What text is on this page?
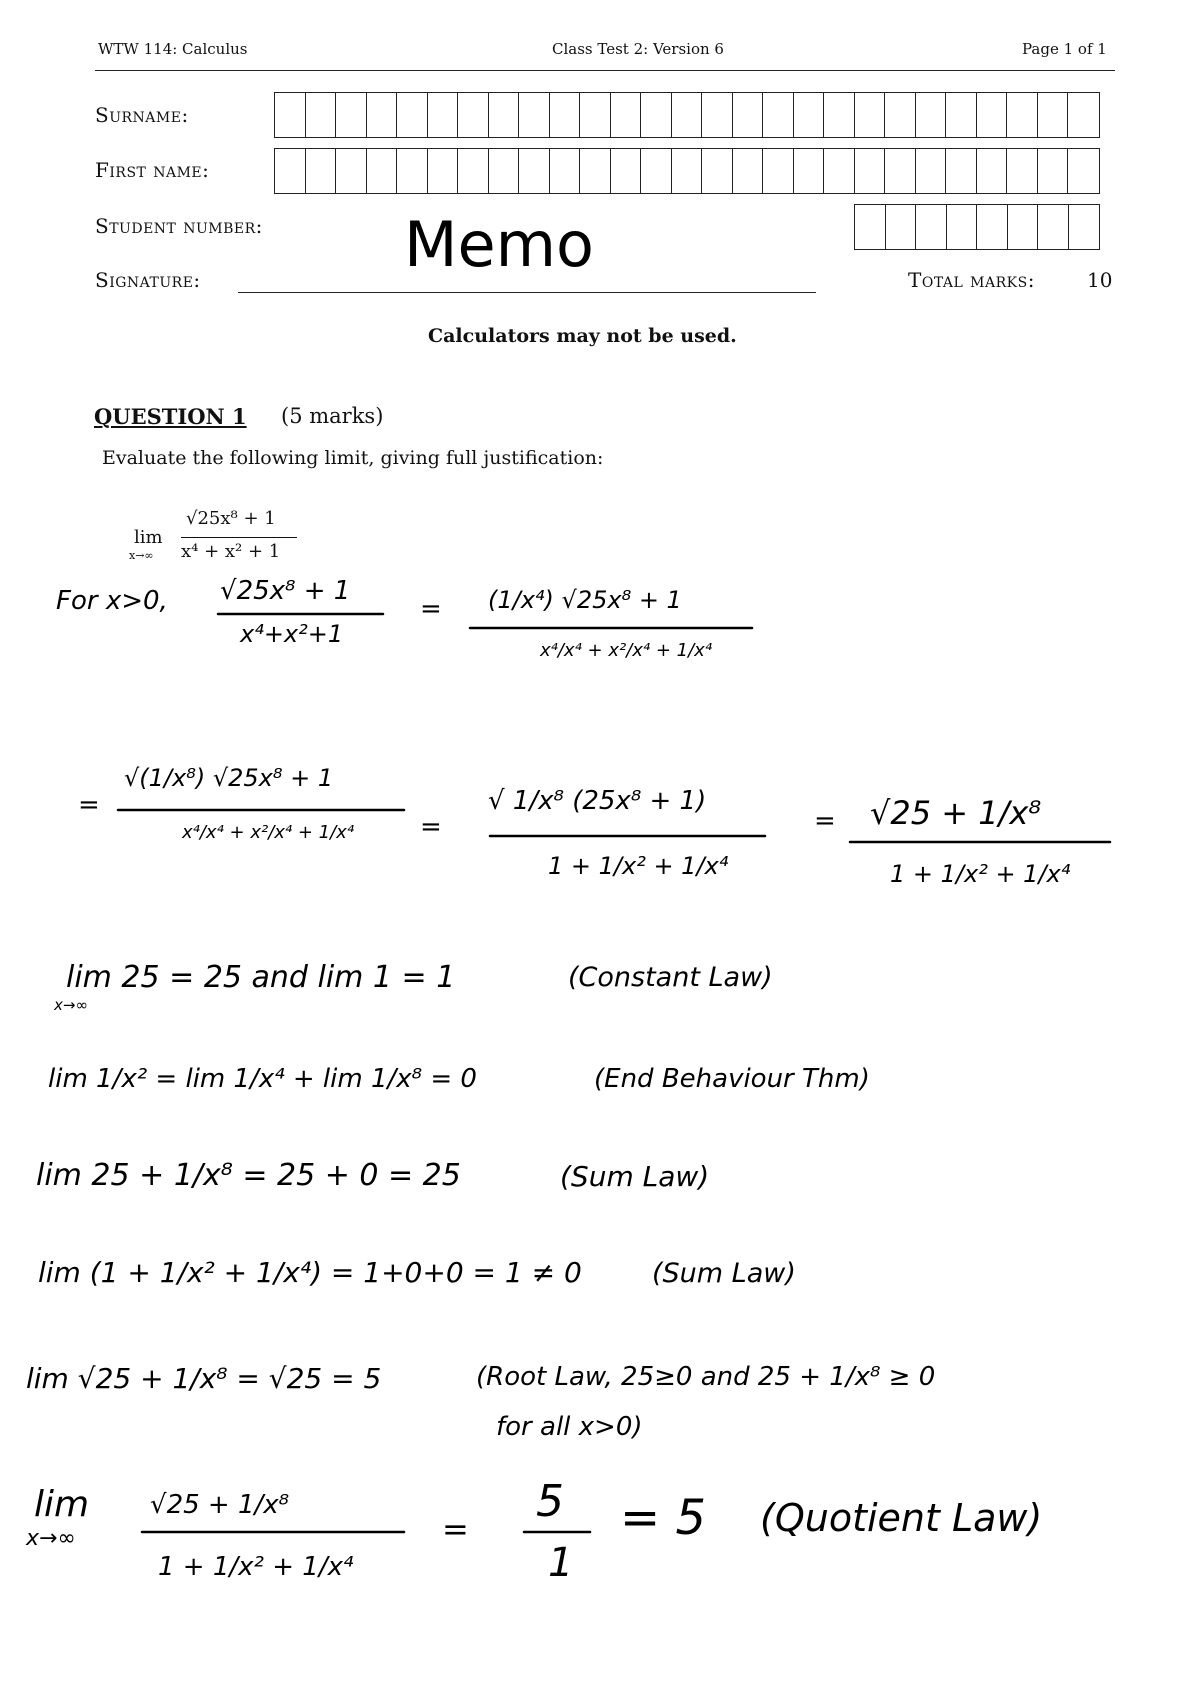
WTW 114: Calculus	Class Test 2: Version 6	Page 1 of 1
Surname:
First name:
Student number:
Signature:	Memo	Total marks:	10
Calculators may not be used.
QUESTION 1 (5 marks)
Evaluate the following limit, giving full justification:
lim
x→∞
√25x⁸ + 1
x⁴ + x² + 1
For x>0, √25x⁸ + 1
x⁴+x²+1
= (1/x⁴) √25x⁸ + 1
x⁴/x⁴ + x²/x⁴ + 1/x⁴
=
√(1/x⁸) √25x⁸ + 1
x⁴/x⁴ + x²/x⁴ + 1/x⁴	=
√ 1/x⁸ (25x⁸ + 1)
1 + 1/x² + 1/x⁴
= √25 + 1/x⁸
1 + 1/x² + 1/x⁴
lim 25 = 25 and lim 1 = 1
x→∞
(Constant Law)
lim 1/x² = lim 1/x⁴ + lim 1/x⁸ = 0	(End Behaviour Thm)
lim 25 + 1/x⁸ = 25 + 0 = 25	(Sum Law)
lim (1 + 1/x² + 1/x⁴) = 1+0+0 = 1 ≠ 0	(Sum Law)
lim √25 + 1/x⁸ = √25 = 5	(Root Law, 25≥0 and 25 + 1/x⁸ ≥ 0
for all x>0)
lim
x→∞
√25 + 1/x⁸
1 + 1/x² + 1/x⁴
=
5
1
= 5 (Quotient Law)
